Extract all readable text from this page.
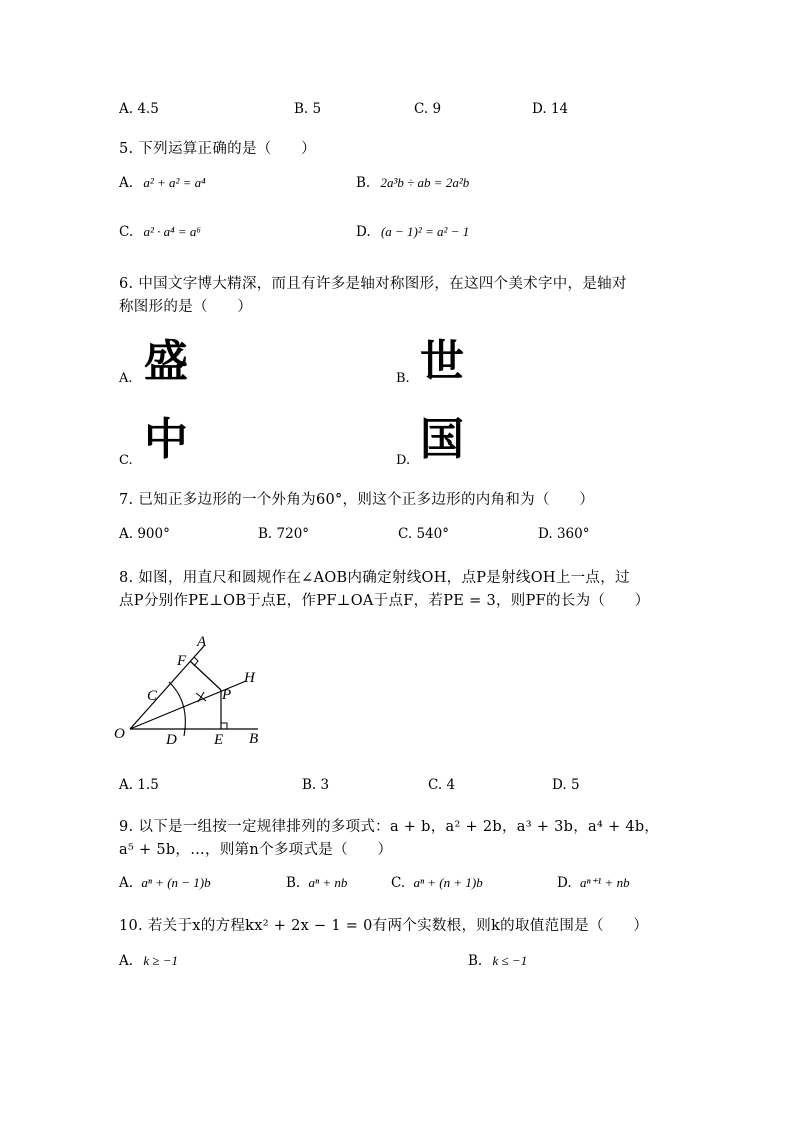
A. 4.5	B. 5	C. 9	D. 14
5. 下列运算正确的是（　　）
A. a² + a² = a⁴	B. 2a³b ÷ ab = 2a²b
C. a² · a⁴ = a⁶	D. (a − 1)² = a² − 1
6. 中国文字博大精深，而且有许多是轴对称图形，在这四个美术字中，是轴对
称图形的是（　　）
A. 盛	B. 世
C. 中	D. 国
7. 已知正多边形的一个外角为60°，则这个正多边形的内角和为（　　）
A. 900°	B. 720°	C. 540°	D. 360°
8. 如图，用直尺和圆规作在∠AOB内确定射线OH，点P是射线OH上一点，过
点P分别作PE⊥OB于点E，作PF⊥OA于点F，若PE = 3，则PF的长为（　　）
O
A
B
C
D E
F
H
P
A. 1.5	B. 3	C. 4	D. 5
9. 以下是一组按一定规律排列的多项式：a + b，a² + 2b，a³ + 3b，a⁴ + 4b，
a⁵ + 5b，…，则第n个多项式是（　　）
A. aⁿ + (n − 1)b	B. aⁿ + nb	C. aⁿ + (n + 1)b	D. aⁿ⁺¹ + nb
10. 若关于x的方程kx² + 2x − 1 = 0有两个实数根，则k的取值范围是（　　）
A. k ≥ −1	B. k ≤ −1
